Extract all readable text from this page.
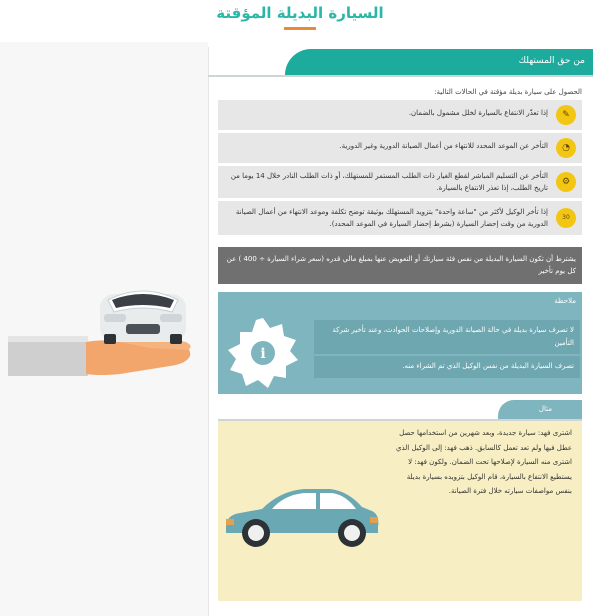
السيارة البديلة المؤقتة
من حق المستهلك
الحصول على سيارة بديلة مؤقتة في الحالات التالية:
✎
إذا تعذّر الانتفاع بالسيارة لخلل مشمول بالضمان.
◔
التأخر عن الموعد المحدد للانتهاء من أعمال الصيانة الدورية وغير الدورية.
⚙
التأخر عن التسليم المباشر لقطع الغيار ذات الطلب المستمر للمستهلك، أو ذات الطلب النادر خلال 14 يوما من تاريخ الطلب، إذا تعذر الانتفاع بالسيارة.
30
إذا تأخر الوكيل لأكثر من "ساعة واحدة" بتزويد المستهلك بوثيقة توضح تكلفة وموعد الانتهاء من أعمال الصيانة الدورية من وقت إحضار السيارة (بشرط إحضار السيارة في الموعد المحدد).
يشترط أن تكون السيارة البديلة من نفس فئة سيارتك أو التعويض عنها بمبلغ مالي قدره (سعر شراء السيارة ÷ 400 ) عن كل يوم تأخير
ملاحظة
i
لا تصرف سيارة بديلة في حالة الصيانة الدورية وإصلاحات الحوادث، وعند تأخير شركة التأمين
تصرف السيارة البديلة من نفس الوكيل الذي تم الشراء منه.
مثال
اشترى فهد: سيارة جديدة، وبعد شهرين من استخدامها حصل عطل فيها ولم تعد تعمل كالسابق. ذهب فهد: إلى الوكيل الذي اشترى منه السيارة لإصلاحها تحت الضمان. ولكون فهد: لا يستطيع الانتفاع بالسيارة، قام الوكيل بتزويده بسيارة بديلة بنفس مواصفات سيارته خلال فترة الصيانة.
